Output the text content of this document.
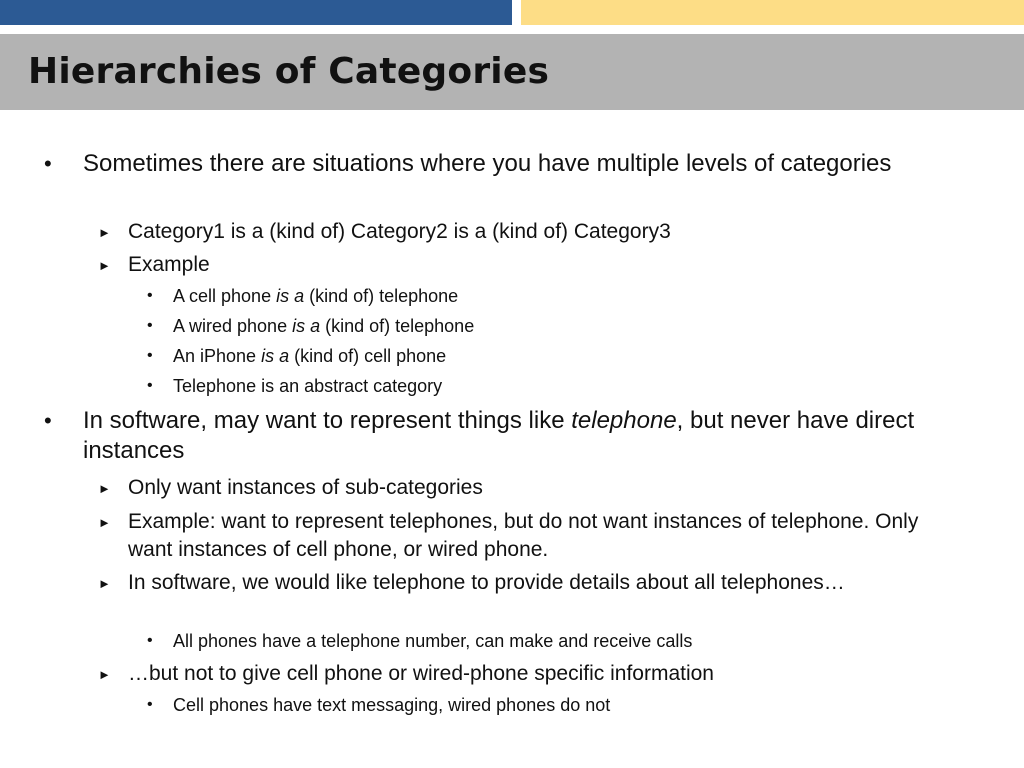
Hierarchies of Categories

• Sometimes there are situations where you have multiple levels of categories

► Category1 is a (kind of) Category2 is a (kind of) Category3

► Example

• A cell phone is a (kind of) telephone

• A wired phone is a (kind of) telephone

• An iPhone is a (kind of) cell phone

• Telephone is an abstract category

• In software, may want to represent things like telephone, but never have direct instances

► Only want instances of sub-categories

► Example: want to represent telephones, but do not want instances of telephone. Only want instances of cell phone, or wired phone.

► In software, we would like telephone to provide details about all telephones…

• All phones have a telephone number, can make and receive calls

► …but not to give cell phone or wired-phone specific information

• Cell phones have text messaging, wired phones do not
